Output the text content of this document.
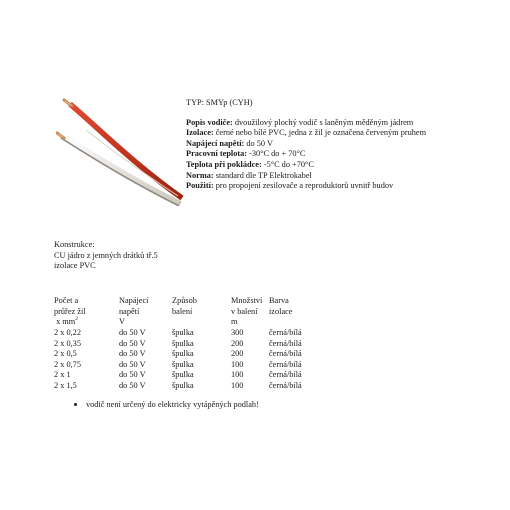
TYP: SMYp (CYH)
Popis vodiče: dvoužilový plochý vodič s laněným měděným jádrem
Izolace: černé nebo bílé PVC, jedna z žil je označena červeným pruhem
Napájecí napětí: do 50 V
Pracovní teplota: -30°C do + 70°C
Teplota při pokládce: -5°C do +70°C
Norma: standard dle TP Elektrokabel
Použití: pro propojení zesilovače a reproduktorů uvnitř budov
Konstrukce:
CU jádro z jemných drátků tř.5
izolace PVC
Počet a
průřez žil
x $mm^2$
2 x 0,22
2 x 0,35
2 x 0,5
2 x 0,75
2 x 1
2 x 1,5
Napájecí
napětí
V
do 50 V
do 50 V
do 50 V
do 50 V
do 50 V
do 50 V
Způsob
balení

špulka
špulka
špulka
špulka
špulka
špulka
Množství
v balení
m
300
200
200
100
100
100
Barva
izolace

černá/bílá
černá/bílá
černá/bílá
černá/bílá
černá/bílá
černá/bílá
vodič není určený do elektricky vytápěných podlah!
